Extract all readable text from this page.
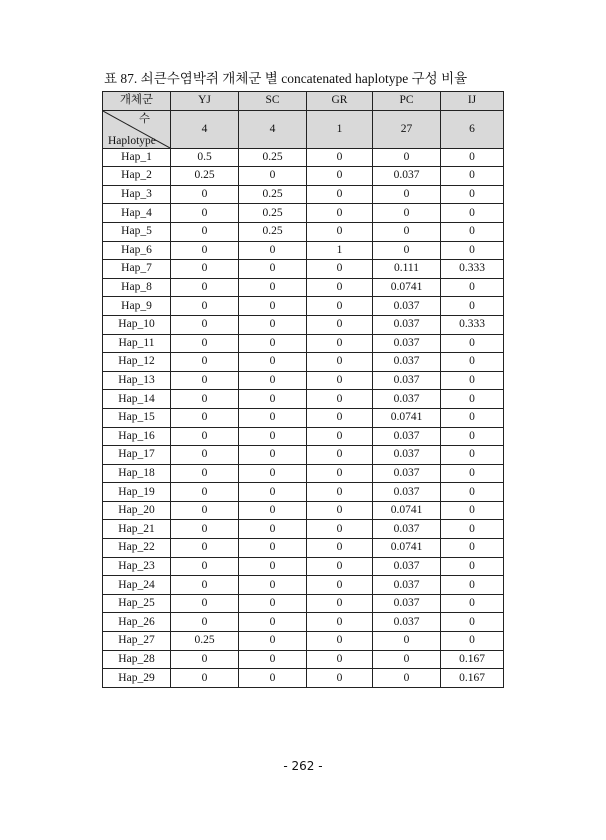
표 87. 쇠큰수염박쥐 개체군 별 concatenated haplotype 구성 비율
개체군	YJ	SC	GR	PC	IJ

수
Haplotype	4	4	1	27	6
Hap_1	0.5	0.25	0	0	0
Hap_2	0.25	0	0	0.037	0
Hap_3	0	0.25	0	0	0
Hap_4	0	0.25	0	0	0
Hap_5	0	0.25	0	0	0
Hap_6	0	0	1	0	0
Hap_7	0	0	0	0.111	0.333
Hap_8	0	0	0	0.0741	0
Hap_9	0	0	0	0.037	0
Hap_10	0	0	0	0.037	0.333
Hap_11	0	0	0	0.037	0
Hap_12	0	0	0	0.037	0
Hap_13	0	0	0	0.037	0
Hap_14	0	0	0	0.037	0
Hap_15	0	0	0	0.0741	0
Hap_16	0	0	0	0.037	0
Hap_17	0	0	0	0.037	0
Hap_18	0	0	0	0.037	0
Hap_19	0	0	0	0.037	0
Hap_20	0	0	0	0.0741	0
Hap_21	0	0	0	0.037	0
Hap_22	0	0	0	0.0741	0
Hap_23	0	0	0	0.037	0
Hap_24	0	0	0	0.037	0
Hap_25	0	0	0	0.037	0
Hap_26	0	0	0	0.037	0
Hap_27	0.25	0	0	0	0
Hap_28	0	0	0	0	0.167
Hap_29	0	0	0	0	0.167
- 262 -
